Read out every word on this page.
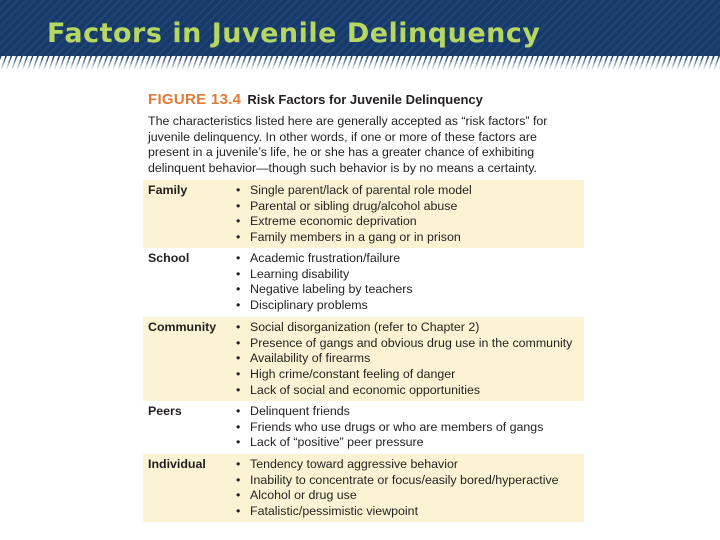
Factors in Juvenile Delinquency
FIGURE 13.4 Risk Factors for Juvenile Delinquency

The characteristics listed here are generally accepted as “risk factors” for juvenile delinquency. In other words, if one or more of these factors are present in a juvenile’s life, he or she has a greater chance of exhibiting delinquent behavior—though such behavior is by no means a certainty.

Family	• Single parent/lack of parental role model
• Parental or sibling drug/alcohol abuse
• Extreme economic deprivation
• Family members in a gang or in prison
School	• Academic frustration/failure
• Learning disability
• Negative labeling by teachers
• Disciplinary problems
Community	• Social disorganization (refer to Chapter 2)
• Presence of gangs and obvious drug use in the community
• Availability of firearms
• High crime/constant feeling of danger
• Lack of social and economic opportunities
Peers	• Delinquent friends
• Friends who use drugs or who are members of gangs
• Lack of “positive” peer pressure
Individual	• Tendency toward aggressive behavior
• Inability to concentrate or focus/easily bored/hyperactive
• Alcohol or drug use
• Fatalistic/pessimistic viewpoint
